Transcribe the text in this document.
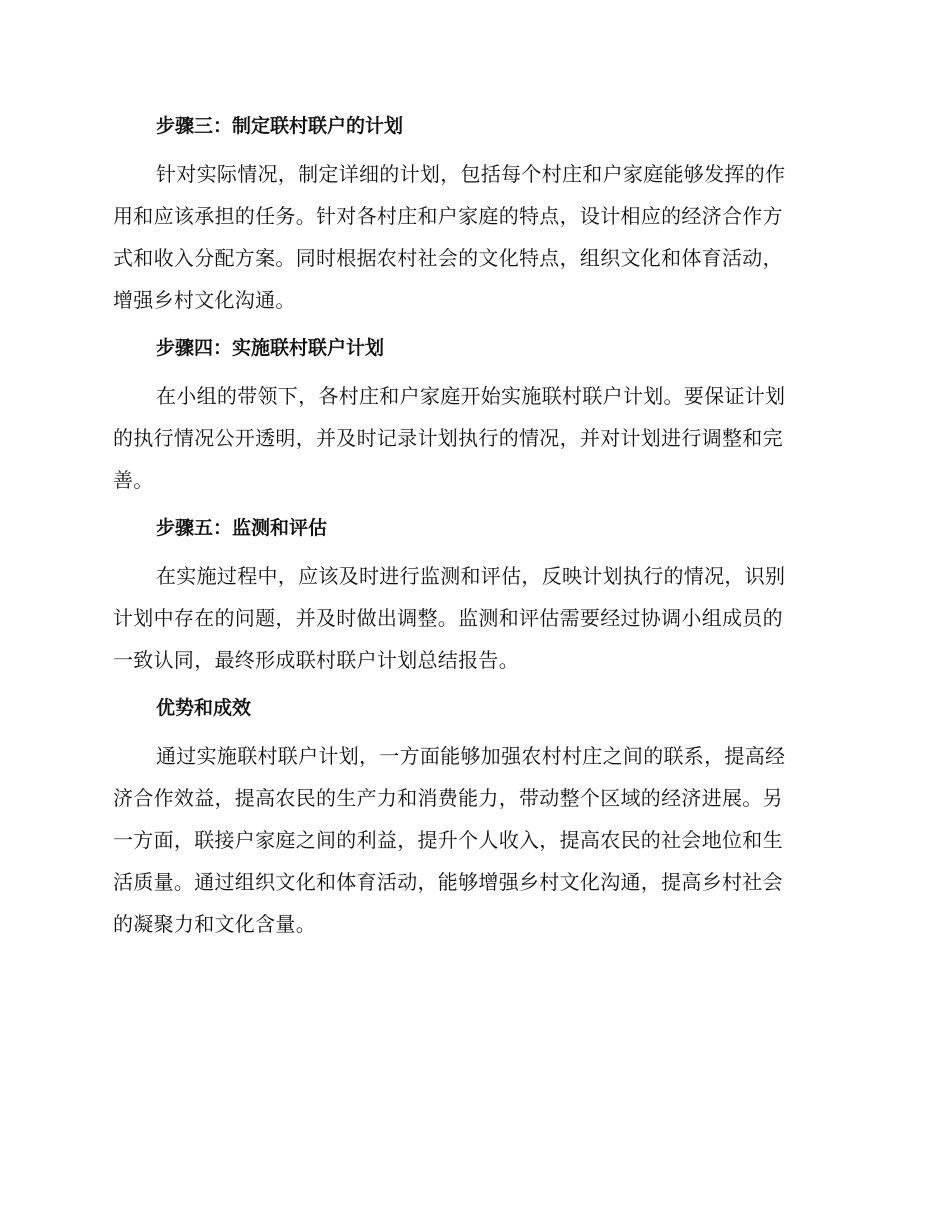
步骤三：制定联村联户的计划
针对实际情况，制定详细的计划，包括每个村庄和户家庭能够发挥的作
用和应该承担的任务。针对各村庄和户家庭的特点，设计相应的经济合作方
式和收入分配方案。同时根据农村社会的文化特点，组织文化和体育活动，
增强乡村文化沟通。
步骤四：实施联村联户计划
在小组的带领下，各村庄和户家庭开始实施联村联户计划。要保证计划
的执行情况公开透明，并及时记录计划执行的情况，并对计划进行调整和完
善。
步骤五：监测和评估
在实施过程中，应该及时进行监测和评估，反映计划执行的情况，识别
计划中存在的问题，并及时做出调整。监测和评估需要经过协调小组成员的
一致认同，最终形成联村联户计划总结报告。
优势和成效
通过实施联村联户计划，一方面能够加强农村村庄之间的联系，提高经
济合作效益，提高农民的生产力和消费能力，带动整个区域的经济进展。另
一方面，联接户家庭之间的利益，提升个人收入，提高农民的社会地位和生
活质量。通过组织文化和体育活动，能够增强乡村文化沟通，提高乡村社会
的凝聚力和文化含量。
